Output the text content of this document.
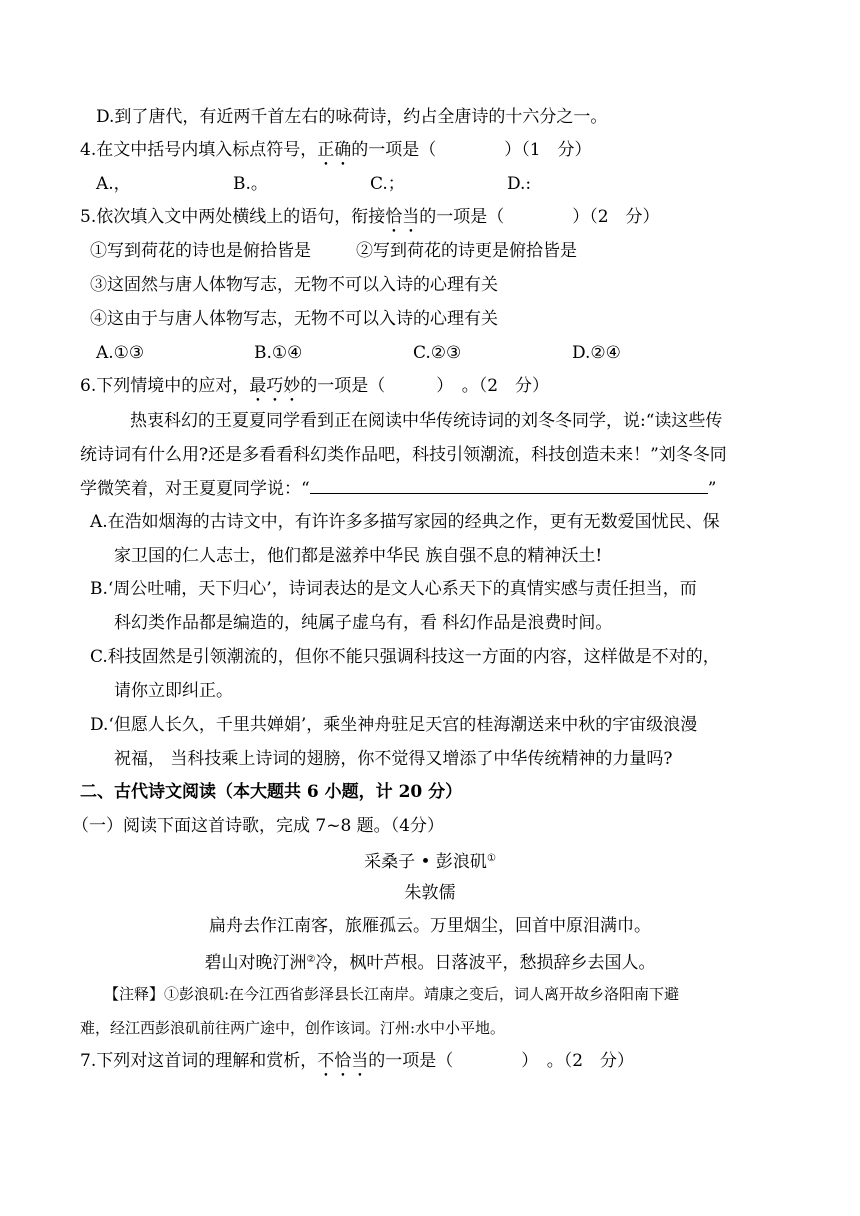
D.到了唐代，有近两千首左右的咏荷诗，约占全唐诗的十六分之一。
4.在文中括号内填入标点符号，正确的一项是（　　　　）（1　分）
A.，	B.。	C.；	D.:
5.依次填入文中两处横线上的语句，衔接恰当的一项是（　　　　）（2　分）
①写到荷花的诗也是俯拾皆是	②写到荷花的诗更是俯拾皆是
③这固然与唐人体物写志，无物不可以入诗的心理有关
④这由于与唐人体物写志，无物不可以入诗的心理有关
A.①③	B.①④	C.②③	D.②④
6.下列情境中的应对，最巧妙的一项是（　　　）　。（2　分）
热衷科幻的王夏夏同学看到正在阅读中华传统诗词的刘冬冬同学，说:“读这些传
统诗词有什么用?还是多看看科幻类作品吧，科技引领潮流，科技创造未来！”刘冬冬同
学微笑着，对王夏夏同学说：“	”
A.在浩如烟海的古诗文中，有许许多多描写家园的经典之作，更有无数爱国忧民、保
家卫国的仁人志士，他们都是滋养中华民 族自强不息的精神沃土!
B.‘周公吐哺，天下归心’，诗词表达的是文人心系天下的真情实感与责任担当，而
科幻类作品都是编造的，纯属子虚乌有，看 科幻作品是浪费时间。
C.科技固然是引领潮流的，但你不能只强调科技这一方面的内容，这样做是不对的，
请你立即纠正。
D.‘但愿人长久，千里共婵娟’，乘坐神舟驻足天宫的桂海潮送来中秋的宇宙级浪漫
祝福， 当科技乘上诗词的翅膀，你不觉得又增添了中华传统精神的力量吗?
二、古代诗文阅读（本大题共 6 小题，计 20 分）
（一）阅读下面这首诗歌，完成 7~8 题。（4分）
采桑子 • 彭浪矶①
朱敦儒
扁舟去作江南客，旅雁孤云。万里烟尘，回首中原泪满巾。
碧山对晚汀洲②冷，枫叶芦根。日落波平，愁损辞乡去国人。
【注释】①彭浪矶:在今江西省彭泽县长江南岸。靖康之变后，词人离开故乡洛阳南下避
难，经江西彭浪矶前往两广途中，创作该词。汀州:水中小平地。
7.下列对这首词的理解和赏析，不恰当的一项是（　　　　）　。（2　分）
